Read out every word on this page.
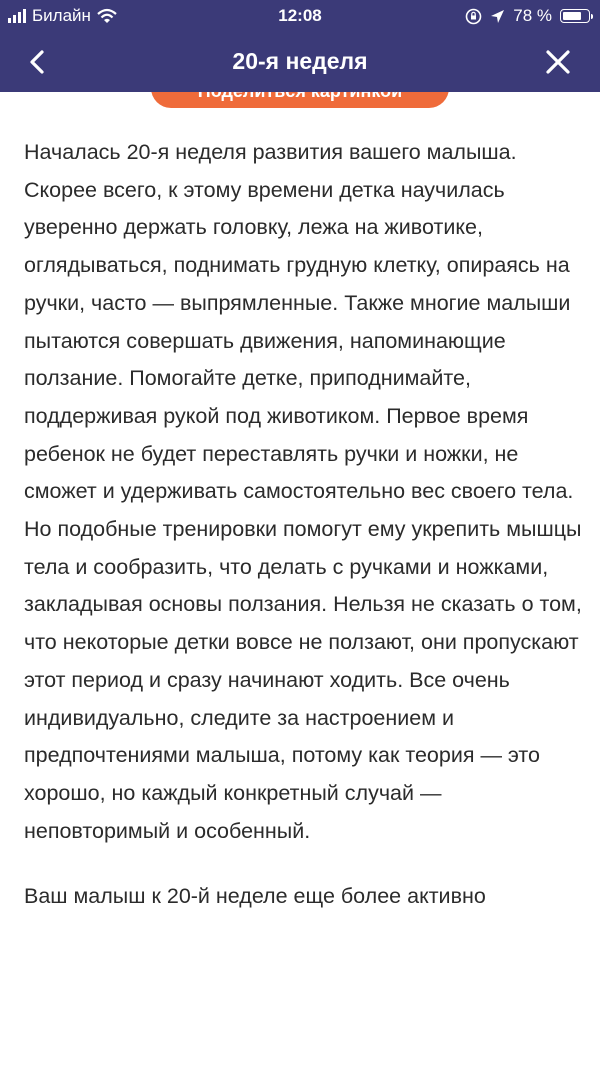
Билайн	12:08	78 %
20-я неделя

Началась 20-я неделя развития вашего малыша. Скорее всего, к этому времени детка научилась уверенно держать головку, лежа на животике, оглядываться, поднимать грудную клетку, опираясь на ручки, часто — выпрямленные. Также многие малыши пытаются совершать движения, напоминающие ползание. Помогайте детке, приподнимайте, поддерживая рукой под животиком. Первое время ребенок не будет переставлять ручки и ножки, не сможет и удерживать самостоятельно вес своего тела. Но подобные тренировки помогут ему укрепить мышцы тела и сообразить, что делать с ручками и ножками, закладывая основы ползания. Нельзя не сказать о том, что некоторые детки вовсе не ползают, они пропускают этот период и сразу начинают ходить. Все очень индивидуально, следите за настроением и предпочтениями малыша, потому как теория — это хорошо, но каждый конкретный случай — неповторимый и особенный.

Ваш малыш к 20-й неделе еще более активно
